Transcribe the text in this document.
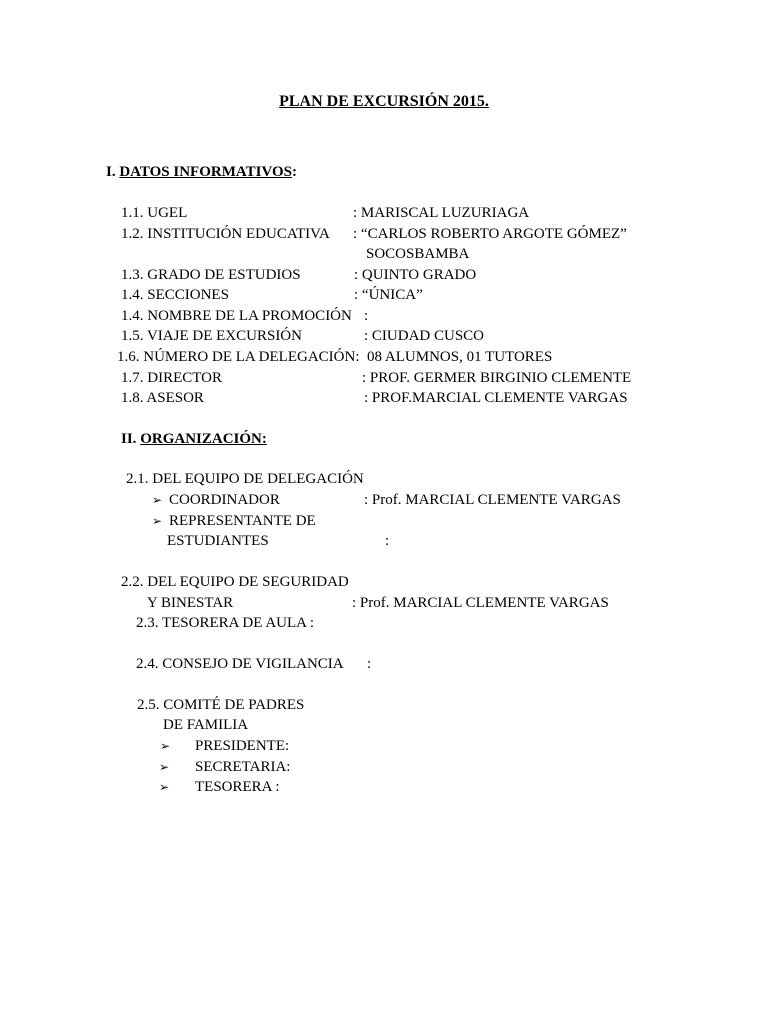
PLAN DE EXCURSIÓN 2015.
I. DATOS INFORMATIVOS:
1.1. UGEL	: MARISCAL LUZURIAGA
1.2. INSTITUCIÓN EDUCATIVA : “CARLOS ROBERTO ARGOTE GÓMEZ”
SOCOSBAMBA
1.3. GRADO DE ESTUDIOS	: QUINTO GRADO
1.4. SECCIONES	: “ÚNICA”
1.4. NOMBRE DE LA PROMOCIÓN :
1.5. VIAJE DE EXCURSIÓN	: CIUDAD CUSCO
1.6. NÚMERO DE LA DELEGACIÓN: 08 ALUMNOS, 01 TUTORES
1.7. DIRECTOR	: PROF. GERMER BIRGINIO CLEMENTE
1.8. ASESOR	: PROF.MARCIAL CLEMENTE VARGAS
II. ORGANIZACIÓN:
2.1. DEL EQUIPO DE DELEGACIÓN
➢ COORDINADOR	: Prof. MARCIAL CLEMENTE VARGAS
➢ REPRESENTANTE DE
ESTUDIANTES	:
2.2. DEL EQUIPO DE SEGURIDAD
Y BINESTAR	: Prof. MARCIAL CLEMENTE VARGAS
2.3. TESORERA DE AULA :
2.4. CONSEJO DE VIGILANCIA :
2.5. COMITÉ DE PADRES
DE FAMILIA
➢ PRESIDENTE:
➢ SECRETARIA:
➢ TESORERA :
